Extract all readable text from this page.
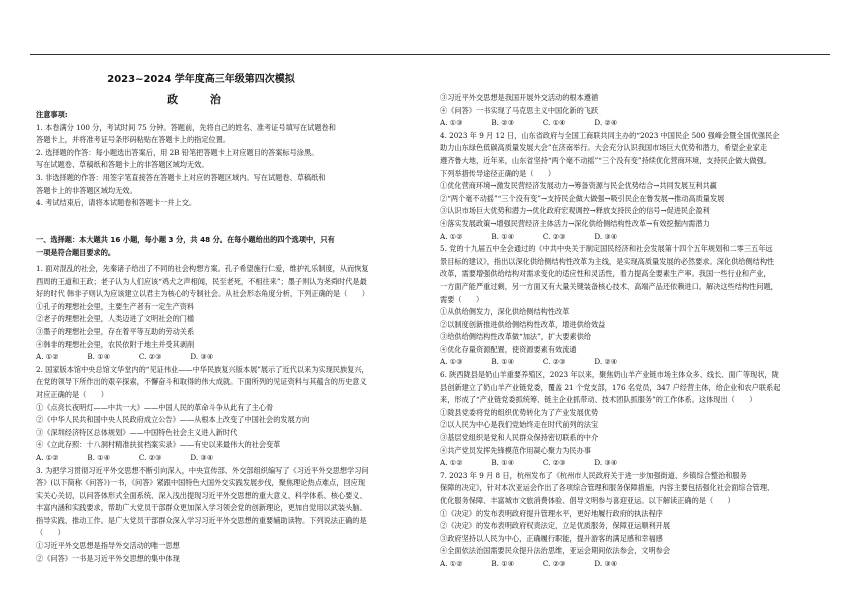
2023~2024 学年度高三年级第四次模拟
政 治
注意事项:
1. 本卷满分 100 分，考试时间 75 分钟。答题前，先将自己的姓名、准考证号填写在试题卷和
答题卡上，并将准考证号条形码粘贴在答题卡上的指定位置。
2. 选择题的作答：每小题选出答案后，用 2B 铅笔把答题卡上对应题目的答案标号涂黑。
写在试题卷、草稿纸和答题卡上的非答题区域均无效。
3. 非选择题的作答：用签字笔直接答在答题卡上对应的答题区域内。写在试题卷、草稿纸和
答题卡上的非答题区域均无效。
4. 考试结束后，请将本试题卷和答题卡一并上交。
一、选择题：本大题共 16 小题，每小题 3 分，共 48 分。在每小题给出的四个选项中，只有
一项是符合题目要求的。
1. 面对混乱的社会，先秦诸子给出了不同的社会构想方案。孔子希望施行仁爱，维护礼乐制度，从而恢复
西周的王道和王政；老子认为人们应该“鸡犬之声相闻，民至老死，不相往来”；墨子则认为尧舜时代是最
好的时代 韩非子则认为应该建立以君主为核心的专制社会。从社会形态角度分析，下列正确的是（　　）
①孔子的理想社会里，主要生产者有一定生产资料
②老子的理想社会里，人类迈进了文明社会的门槛
③墨子的理想社会里，存在着平等互助的劳动关系
④韩非的理想社会里，农民依附于地主并受其剥削
A. ①②　　　　B. ①④　　　　C. ②③　　　　D. ③④
2. 国家版本馆中央总馆文华堂内的“见证伟业——中华民族复兴版本展”展示了近代以来为实现民族复兴，
在党的领导下所作出的艰辛探索，不懈奋斗和取得的伟大成就。下面所列的见证资料与其蕴含的历史意义
对应正确的是（　　）
①《点亮长夜明灯——中共一大》——中国人民的革命斗争从此有了主心骨
②《中华人民共和国中央人民政府成立公告》——从根本上改变了中国社会的发展方向
③《深圳经济特区总体规划》——中国特色社会主义进入新时代
④《立此存照：十八洞村精准扶贫档案实录》——有史以来最伟大的社会变革
A. ①②　　　　B. ①④　　　　C. ②③　　　　D. ③④
3. 为把学习贯彻习近平外交思想不断引向深入，中央宣传部、外交部组织编写了《习近平外交思想学习问
答》(以下简称《问答》)一书，《问答》紧跟中国特色大国外交实践发展步伐，聚焦理论热点难点，回应现
实关心关切，以问答体形式全面系统、深入浅出提现习近平外交思想的重大意义、科学体系、核心要义、
丰富内涵和实践要求，帮助广大党员干部群众更加深入学习领会党的创新理论，更加自觉用以武装头脑、
指导实践、推动工作。是广大党员干部群众深入学习习近平外交思想的重要辅助读物。下列说法正确的是
（　　）
①习近平外交思想是指导外交活动的唯一思想
②《问答》一书是习近平外交思想的集中体现
③习近平外交思想是我国开展外交活动的根本遵循
④《问答》一书实现了马克思主义中国化新的飞跃
A. ①③　　　　B. ②③　　　　C. ①④　　　　D. ②④
4. 2023 年 9 月 12 日，山东省政府与全国工商联共同主办的“2023 中国民企 500 强峰会暨全国优强民企
助力山东绿色低碳高质量发展大会”在济南举行。大会充分认识我国市场巨大优势和潜力，希望企业家走
遵齐鲁大地，近年来，山东省坚持“两个毫不动摇”“三个没有变”持续优化营商环境，支持民企做大做强。
下列举措传导途径正确的是（　　）
①优化营商环境→激发民营经济发展动力→筹备资源与民企优势结合→共同发展互利共赢
②“两个毫不动摇”“三个没有变”→支持民企做大做强→吸引民企在鲁发展→推动高质量发展
③认识市场巨大优势和潜力→优化政府宏观调控→释放支持民企的信号→促进民企盈利
④落实发展政策→增强民营经济主体活力→深化供给侧结构性改革→有效挖掘内需潜力
A. ①②　　　　B. ①④　　　　C. ②③　　　　D. ③④
5. 党的十九届五中全会通过的《中共中央关于制定国民经济和社会发展第十四个五年规划和二零三五年远
景目标的建议》，指出以深化供给侧结构性改革为主线，是实现高质量发展的必然要求。深化供给侧结构性
改革，需要增强供给结构对需求变化的适应性和灵活性，着力提高全要素生产率。我国一些行业和产业，
一方面产能严重过剩，另一方面又有大量关键装备核心技术、高端产品还依赖进口。解决这些结构性问题，
需要（　　）
①从供给侧发力，深化供给侧结构性改革
②以制度创新推进供给侧结构性改革，增进供给效益
③给供给侧结构性改革做“加法”，扩大要素供给
④优化存量资源配置，使资源要素有效流通
A. ①③　　　　B. ①④　　　　C. ②③　　　　D. ②④
6. 陕西陇县是奶山羊重要养殖区，2023 年以来，聚焦奶山羊产业链市场主体众多、线长、面广等现状，陇
县创新建立了奶山羊产业链党委，覆盖 21 个党支部，176 名党员，347 户经营主体，给企业和农户联系起
来，形成了“产业链党委抓统筹、链主企业抓带动、技术团队抓服务”的工作体系。这体现出（　　）
①陇县党委将党的组织优势转化为了产业发展优势
②以人民为中心是我们党始终走在时代前列的法宝
③基层党组织是党和人民群众保持密切联系的中介
④共产党员发挥先锋模范作用凝心聚力为民办事
A. ①②　　　　B. ①④　　　　C. ②③　　　　D. ③④
7. 2023 年 9 月 8 日，杭州发布了《杭州市人民政府关于进一步加强街道、乡镇综合整治和服务
保障的决定》，针对本次亚运会作出了各项综合管理和服务保障措施，内容主要包括强化社会面综合管理、
优化服务保障、丰富城市文旅消费体验、倡导文明参与喜迎亚运。以下解读正确的是（　　）
①《决定》的发布表明政府提升管理水平，更好地履行政府的执法程序
②《决定》的发布表明政府权责法定，立足优质服务，保障亚运顺利开展
③政府坚持以人民为中心，正确履行职能，提升游客的满足感和幸福感
④全面依法治国需要民众提升法治思维，亚运会期间依法参会，文明参会
A. ①②　　　　B. ①④　　　　C. ②③　　　　D. ③④
